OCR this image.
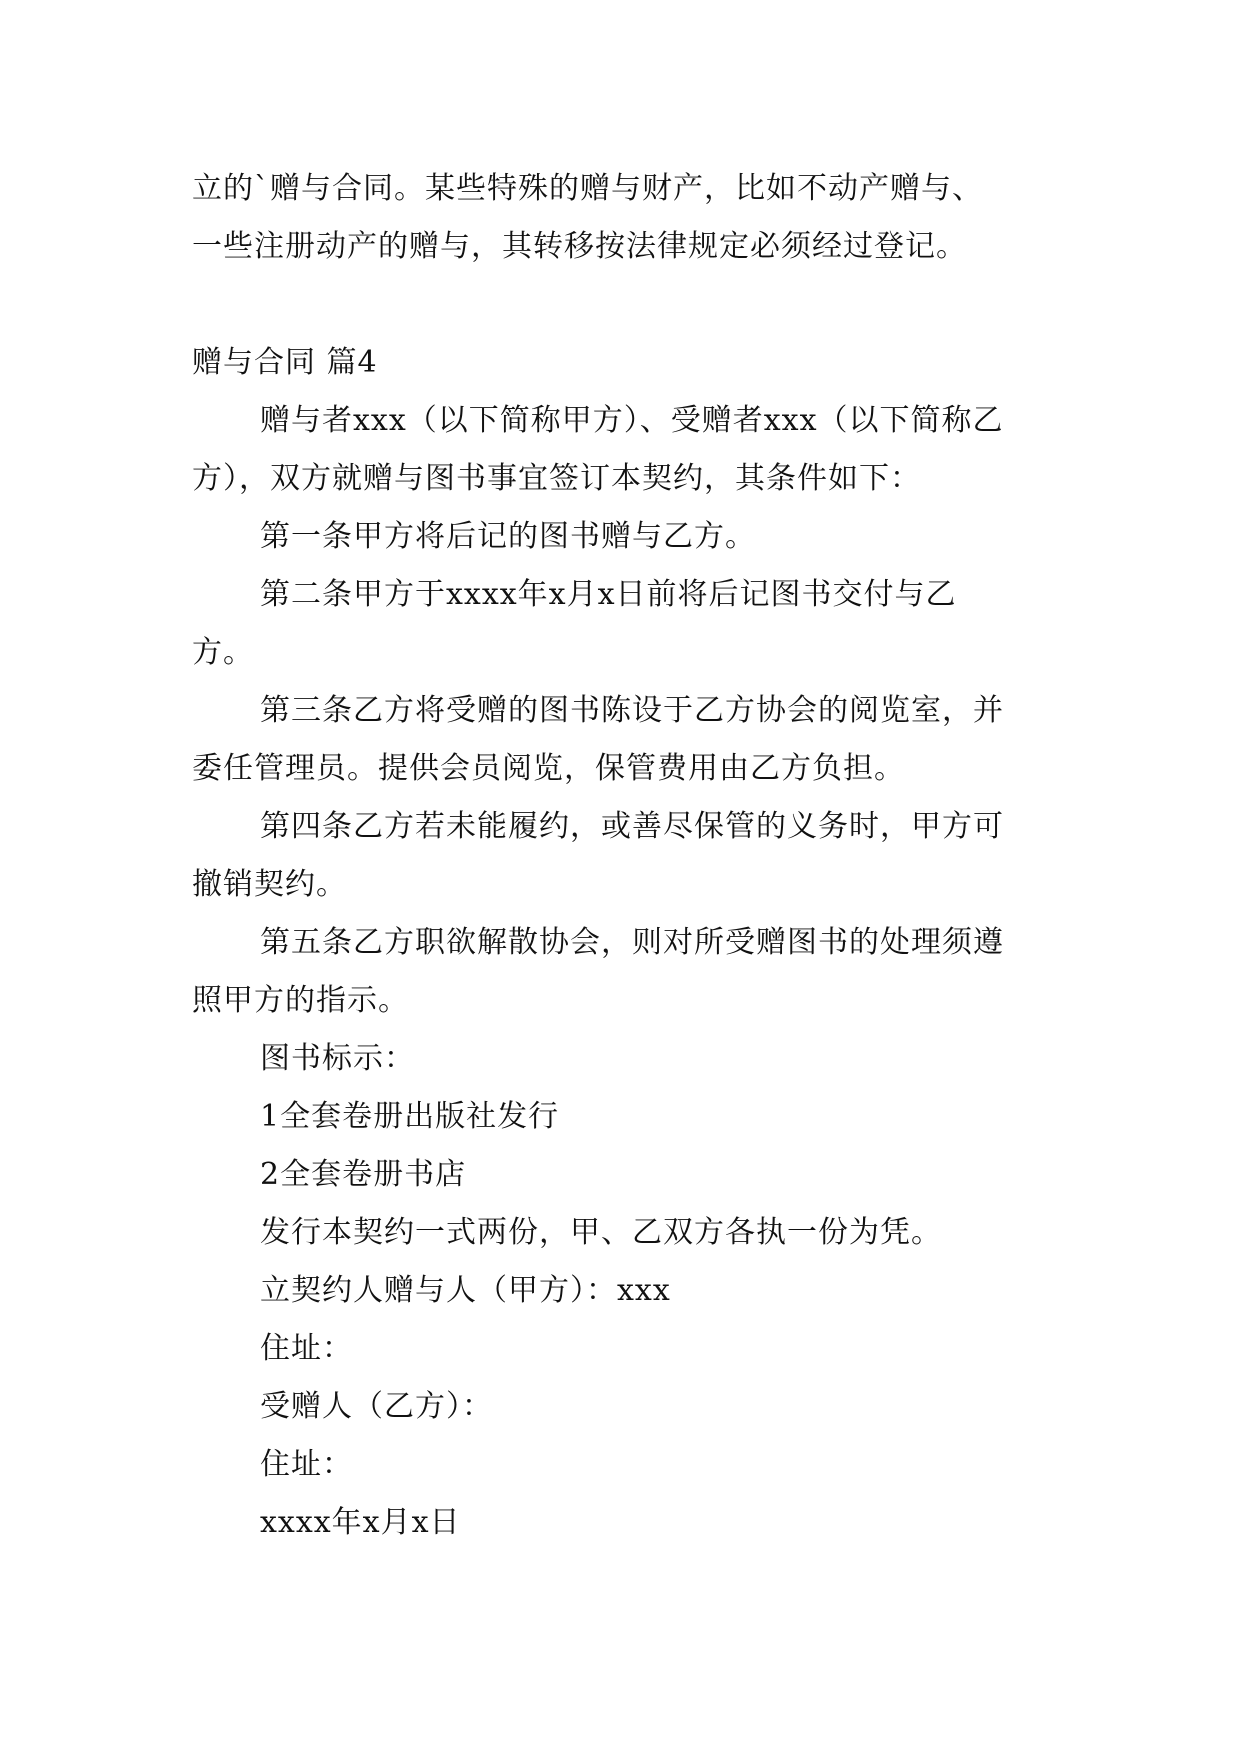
立的`赠与合同。某些特殊的赠与财产，比如不动产赠与、

一些注册动产的赠与，其转移按法律规定必须经过登记。

赠与合同 篇4

赠与者xxx（以下简称甲方）、受赠者xxx（以下简称乙

方），双方就赠与图书事宜签订本契约，其条件如下：

第一条甲方将后记的图书赠与乙方。

第二条甲方于xxxx年x月x日前将后记图书交付与乙

方。

第三条乙方将受赠的图书陈设于乙方协会的阅览室，并

委任管理员。提供会员阅览，保管费用由乙方负担。

第四条乙方若未能履约，或善尽保管的义务时，甲方可

撤销契约。

第五条乙方职欲解散协会，则对所受赠图书的处理须遵

照甲方的指示。

图书标示：

1全套卷册出版社发行

2全套卷册书店

发行本契约一式两份，甲、乙双方各执一份为凭。

立契约人赠与人（甲方）：xxx

住址：

受赠人（乙方）：

住址：

xxxx年x月x日
